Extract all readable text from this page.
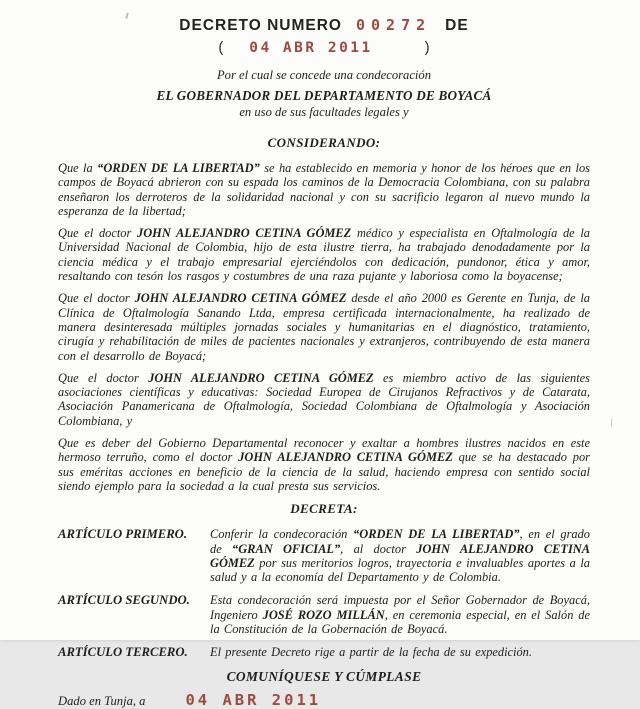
DECRETO NUMERO 00272 DE
( 04 ABR 2011	)
Por el cual se concede una condecoración
EL GOBERNADOR DEL DEPARTAMENTO DE BOYACÁ
en uso de sus facultades legales y
CONSIDERANDO:

Que la “ORDEN DE LA LIBERTAD” se ha establecido en memoria y honor de los héroes que en los campos de Boyacá abrieron con su espada los caminos de la Democracia Colombiana, con su palabra enseñaron los derroteros de la solidaridad nacional y con su sacrificio legaron al nuevo mundo la esperanza de la libertad;

Que el doctor JOHN ALEJANDRO CETINA GÓMEZ médico y especialista en Oftalmología de la Universidad Nacional de Colombia, hijo de esta ilustre tierra, ha trabajado denodadamente por la ciencia médica y el trabajo empresarial ejerciéndolos con dedicación, pundonor, ética y amor, resaltando con tesón los rasgos y costumbres de una raza pujante y laboriosa como la boyacense;

Que el doctor JOHN ALEJANDRO CETINA GÓMEZ desde el año 2000 es Gerente en Tunja, de la Clínica de Oftalmología Sanando Ltda, empresa certificada internacionalmente, ha realizado de manera desinteresada múltiples jornadas sociales y humanitarias en el diagnóstico, tratamiento, cirugía y rehabilitación de miles de pacientes nacionales y extranjeros, contribuyendo de esta manera con el desarrollo de Boyacá;

Que el doctor JOHN ALEJANDRO CETINA GÓMEZ es miembro activo de las siguientes asociaciones científicas y educativas: Sociedad Europea de Cirujanos Refractivos y de Catarata, Asociación Panamericana de Oftalmología, Sociedad Colombiana de Oftalmología y Asociación Colombiana, y

Que es deber del Gobierno Departamental reconocer y exaltar a hombres ilustres nacidos en este hermoso terruño, como el doctor JOHN ALEJANDRO CETINA GÓMEZ que se ha destacado por sus eméritas acciones en beneficio de la ciencia de la salud, haciendo empresa con sentido social siendo ejemplo para la sociedad a la cual presta sus servicios.

DECRETA:
ARTÍCULO PRIMERO.	Conferir la condecoración “ORDEN DE LA LIBERTAD”, en el grado de “GRAN OFICIAL”, al doctor JOHN ALEJANDRO CETINA GÓMEZ por sus meritorios logros, trayectoria e invaluables aportes a la salud y a la economía del Departamento y de Colombia.
ARTÍCULO SEGUNDO.	Esta condecoración será impuesta por el Señor Gobernador de Boyacá, Ingeniero JOSÉ ROZO MILLÁN, en ceremonia especial, en el Salón de la Constitución de la Gobernación de Boyacá.
ARTÍCULO TERCERO.	El presente Decreto rige a partir de la fecha de su expedición.
COMUNÍQUESE Y CÚMPLASE
Dado en Tunja, a	04 ABR 2011
